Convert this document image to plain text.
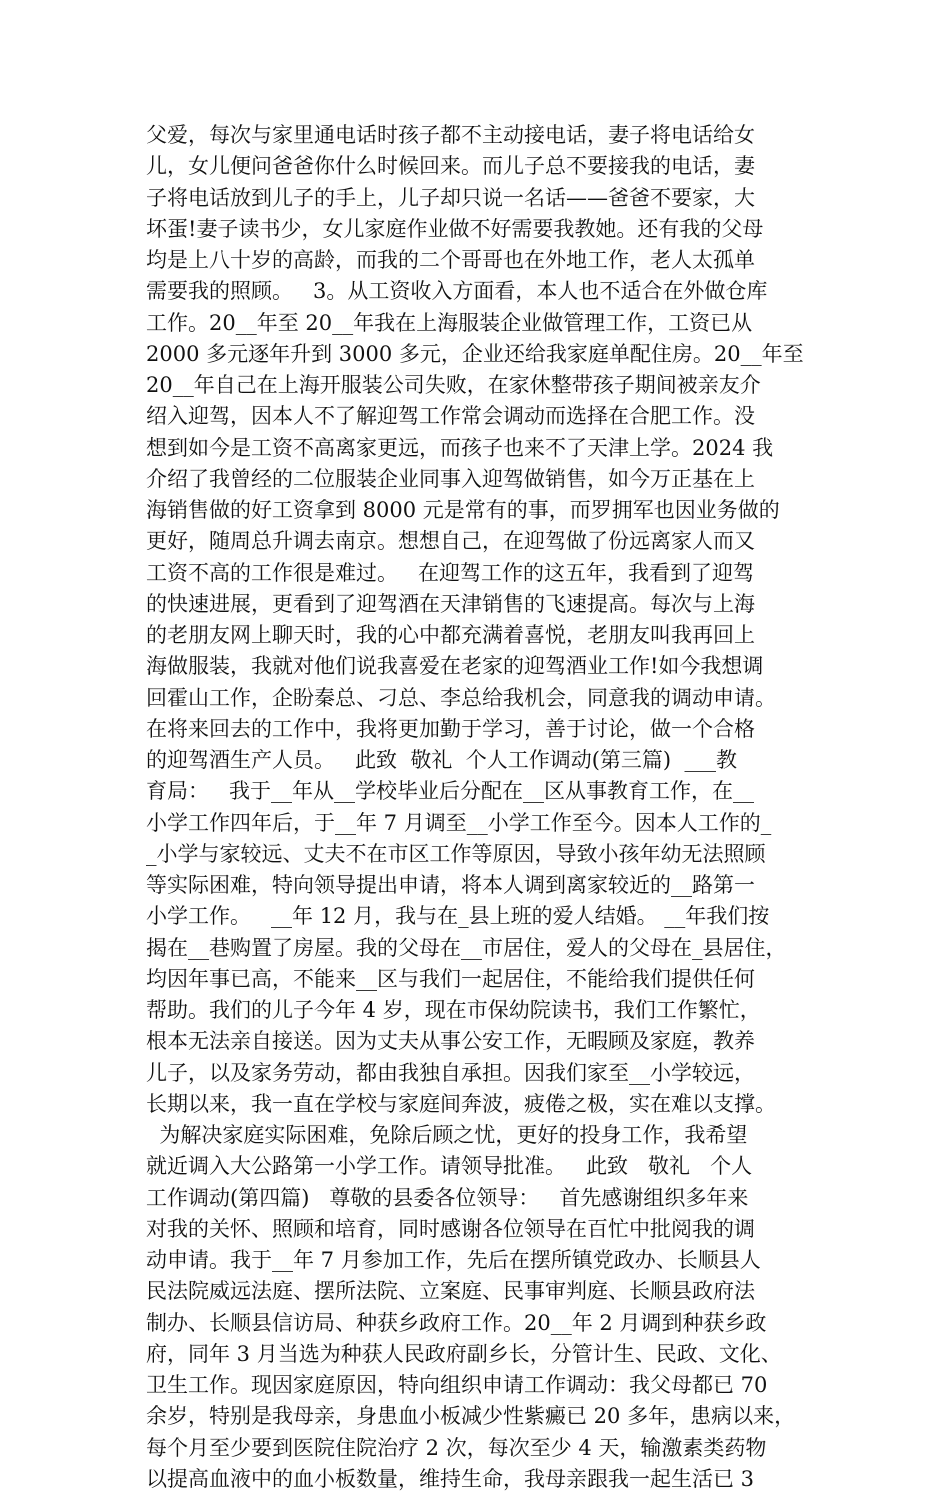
父爱，每次与家里通电话时孩子都不主动接电话，妻子将电话给女
儿，女儿便问爸爸你什么时候回来。而儿子总不要接我的电话，妻
子将电话放到儿子的手上，儿子却只说一名话——爸爸不要家，大
坏蛋!妻子读书少，女儿家庭作业做不好需要我教她。还有我的父母
均是上八十岁的高龄，而我的二个哥哥也在外地工作，老人太孤单
需要我的照顾。   3。从工资收入方面看，本人也不适合在外做仓库
工作。20__年至 20__年我在上海服装企业做管理工作，工资已从
2000 多元逐年升到 3000 多元，企业还给我家庭单配住房。20__年至
20__年自己在上海开服装公司失败，在家休整带孩子期间被亲友介
绍入迎驾，因本人不了解迎驾工作常会调动而选择在合肥工作。没
想到如今是工资不高离家更远，而孩子也来不了天津上学。2024 我
介绍了我曾经的二位服装企业同事入迎驾做销售，如今万正基在上
海销售做的好工资拿到 8000 元是常有的事，而罗拥军也因业务做的
更好，随周总升调去南京。想想自己，在迎驾做了份远离家人而又
工资不高的工作很是难过。   在迎驾工作的这五年，我看到了迎驾
的快速进展，更看到了迎驾酒在天津销售的飞速提高。每次与上海
的老朋友网上聊天时，我的心中都充满着喜悦，老朋友叫我再回上
海做服装，我就对他们说我喜爱在老家的迎驾酒业工作!如今我想调
回霍山工作，企盼秦总、刁总、李总给我机会，同意我的调动申请。
在将来回去的工作中，我将更加勤于学习，善于讨论，做一个合格
的迎驾酒生产人员。   此致  敬礼  个人工作调动(第三篇)  ___教
育局：   我于__年从__学校毕业后分配在__区从事教育工作，在__
小学工作四年后，于__年 7 月调至__小学工作至今。因本人工作的_
_小学与家较远、丈夫不在市区工作等原因，导致小孩年幼无法照顾
等实际困难，特向领导提出申请，将本人调到离家较近的__路第一
小学工作。   __年 12 月，我与在_县上班的爱人结婚。 __年我们按
揭在__巷购置了房屋。我的父母在__市居住，爱人的父母在_县居住，
均因年事已高，不能来__区与我们一起居住，不能给我们提供任何
帮助。我们的儿子今年 4 岁，现在市保幼院读书，我们工作繁忙，
根本无法亲自接送。因为丈夫从事公安工作，无暇顾及家庭，教养
儿子，以及家务劳动，都由我独自承担。因我们家至__小学较远，
长期以来，我一直在学校与家庭间奔波，疲倦之极，实在难以支撑。
为解决家庭实际困难，免除后顾之忧，更好的投身工作，我希望
就近调入大公路第一小学工作。请领导批准。   此致   敬礼   个人
工作调动(第四篇)   尊敬的县委各位领导：   首先感谢组织多年来
对我的关怀、照顾和培育，同时感谢各位领导在百忙中批阅我的调
动申请。我于__年 7 月参加工作，先后在摆所镇党政办、长顺县人
民法院威远法庭、摆所法院、立案庭、民事审判庭、长顺县政府法
制办、长顺县信访局、种获乡政府工作。20__年 2 月调到种获乡政
府，同年 3 月当选为种获人民政府副乡长，分管计生、民政、文化、
卫生工作。现因家庭原因，特向组织申请工作调动：我父母都已 70
余岁，特别是我母亲，身患血小板减少性紫癜已 20 多年，患病以来，
每个月至少要到医院住院治疗 2 次，每次至少 4 天，输激素类药物
以提高血液中的血小板数量，维持生命，我母亲跟我一起生活已 3
